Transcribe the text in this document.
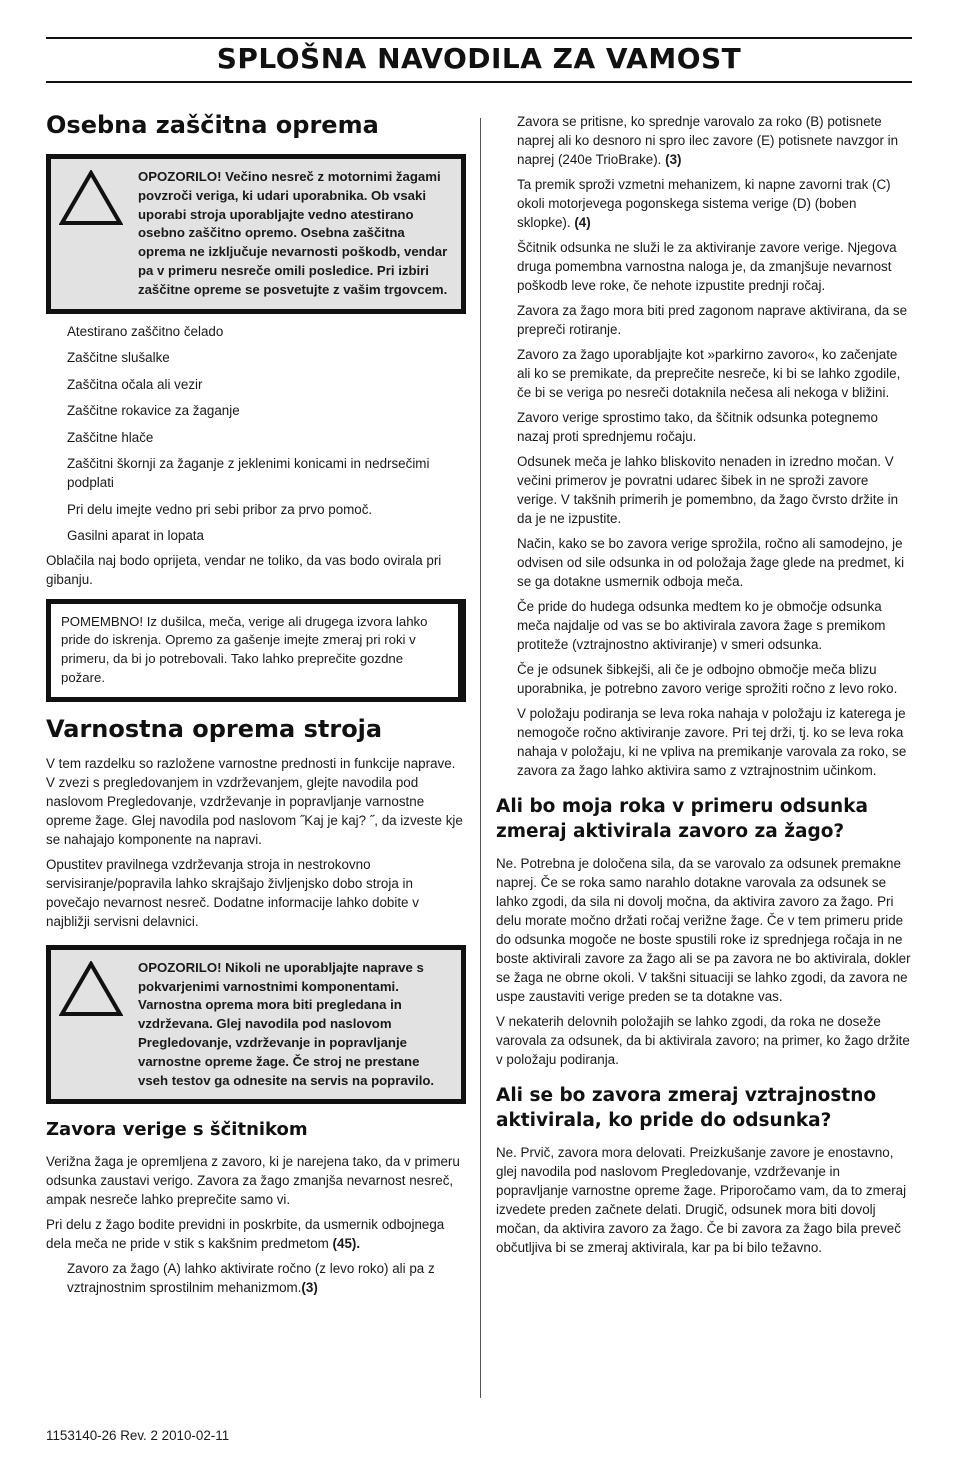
SPLOŠNA NAVODILA ZA VAMOST
Osebna zaščitna oprema

OPOZORILO! Večino nesreč z motornimi žagami povzroči veriga, ki udari uporabnika. Ob vsaki uporabi stroja uporabljajte vedno atestirano osebno zaščitno opremo. Osebna zaščitna oprema ne izključuje nevarnosti poškodb, vendar pa v primeru nesreče omili posledice. Pri izbiri zaščitne opreme se posvetujte z vašim trgovcem.

Atestirano zaščitno čelado
Zaščitne slušalke
Zaščitna očala ali vezir
Zaščitne rokavice za žaganje
Zaščitne hlače
Zaščitni škornji za žaganje z jeklenimi konicami in nedrsečimi podplati
Pri delu imejte vedno pri sebi pribor za prvo pomoč.
Gasilni aparat in lopata

Oblačila naj bodo oprijeta, vendar ne toliko, da vas bodo ovirala pri gibanju.

POMEMBNO! Iz dušilca, meča, verige ali drugega izvora lahko pride do iskrenja. Opremo za gašenje imejte zmeraj pri roki v primeru, da bi jo potrebovali. Tako lahko preprečite gozdne požare.

Varnostna oprema stroja

V tem razdelku so razložene varnostne prednosti in funkcije naprave. V zvezi s pregledovanjem in vzdrževanjem, glejte navodila pod naslovom Pregledovanje, vzdrževanje in popravljanje varnostne opreme žage. Glej navodila pod naslovom ˝Kaj je kaj? ˝, da izveste kje se nahajajo komponente na napravi.

Opustitev pravilnega vzdrževanja stroja in nestrokovno servisiranje/popravila lahko skrajšajo življenjsko dobo stroja in povečajo nevarnost nesreč. Dodatne informacije lahko dobite v najbližji servisni delavnici.

OPOZORILO! Nikoli ne uporabljajte naprave s pokvarjenimi varnostnimi komponentami. Varnostna oprema mora biti pregledana in vzdrževana. Glej navodila pod naslovom Pregledovanje, vzdrževanje in popravljanje varnostne opreme žage. Če stroj ne prestane vseh testov ga odnesite na servis na popravilo.

Zavora verige s ščitnikom

Verižna žaga je opremljena z zavoro, ki je narejena tako, da v primeru odsunka zaustavi verigo. Zavora za žago zmanjša nevarnost nesreč, ampak nesreče lahko preprečite samo vi.

Pri delu z žago bodite previdni in poskrbite, da usmernik odbojnega dela meča ne pride v stik s kakšnim predmetom (45).

Zavoro za žago (A) lahko aktivirate ročno (z levo roko) ali pa z vztrajnostnim sprostilnim mehanizmom.(3)

Zavora se pritisne, ko sprednje varovalo za roko (B) potisnete naprej ali ko desnoro ni spro ilec zavore (E) potisnete navzgor in naprej (240e TrioBrake). (3)

Ta premik sproži vzmetni mehanizem, ki napne zavorni trak (C) okoli motorjevega pogonskega sistema verige (D) (boben sklopke). (4)

Ščitnik odsunka ne služi le za aktiviranje zavore verige. Njegova druga pomembna varnostna naloga je, da zmanjšuje nevarnost poškodb leve roke, če nehote izpustite prednji ročaj.

Zavora za žago mora biti pred zagonom naprave aktivirana, da se prepreči rotiranje.

Zavoro za žago uporabljajte kot »parkirno zavoro«, ko začenjate ali ko se premikate, da preprečite nesreče, ki bi se lahko zgodile, če bi se veriga po nesreči dotaknila nečesa ali nekoga v bližini.

Zavoro verige sprostimo tako, da ščitnik odsunka potegnemo nazaj proti sprednjemu ročaju.

Odsunek meča je lahko bliskovito nenaden in izredno močan. V večini primerov je povratni udarec šibek in ne sproži zavore verige. V takšnih primerih je pomembno, da žago čvrsto držite in da je ne izpustite.

Način, kako se bo zavora verige sprožila, ročno ali samodejno, je odvisen od sile odsunka in od položaja žage glede na predmet, ki se ga dotakne usmernik odboja meča.

Če pride do hudega odsunka medtem ko je območje odsunka meča najdalje od vas se bo aktivirala zavora žage s premikom protiteže (vztrajnostno aktiviranje) v smeri odsunka.

Če je odsunek šibkejši, ali če je odbojno območje meča blizu uporabnika, je potrebno zavoro verige sprožiti ročno z levo roko.

V položaju podiranja se leva roka nahaja v položaju iz katerega je nemogoče ročno aktiviranje zavore. Pri tej drži, tj. ko se leva roka nahaja v položaju, ki ne vpliva na premikanje varovala za roko, se zavora za žago lahko aktivira samo z vztrajnostnim učinkom.

Ali bo moja roka v primeru odsunka zmeraj aktivirala zavoro za žago?

Ne. Potrebna je določena sila, da se varovalo za odsunek premakne naprej. Če se roka samo narahlo dotakne varovala za odsunek se lahko zgodi, da sila ni dovolj močna, da aktivira zavoro za žago. Pri delu morate močno držati ročaj verižne žage. Če v tem primeru pride do odsunka mogoče ne boste spustili roke iz sprednjega ročaja in ne boste aktivirali zavore za žago ali se pa zavora ne bo aktivirala, dokler se žaga ne obrne okoli. V takšni situaciji se lahko zgodi, da zavora ne uspe zaustaviti verige preden se ta dotakne vas.

V nekaterih delovnih položajih se lahko zgodi, da roka ne doseže varovala za odsunek, da bi aktivirala zavoro; na primer, ko žago držite v položaju podiranja.

Ali se bo zavora zmeraj vztrajnostno aktivirala, ko pride do odsunka?

Ne. Prvič, zavora mora delovati. Preizkušanje zavore je enostavno, glej navodila pod naslovom Pregledovanje, vzdrževanje in popravljanje varnostne opreme žage. Priporočamo vam, da to zmeraj izvedete preden začnete delati. Drugič, odsunek mora biti dovolj močan, da aktivira zavoro za žago. Če bi zavora za žago bila preveč občutljiva bi se zmeraj aktivirala, kar pa bi bilo težavno.

1153140-26 Rev. 2 2010-02-11
